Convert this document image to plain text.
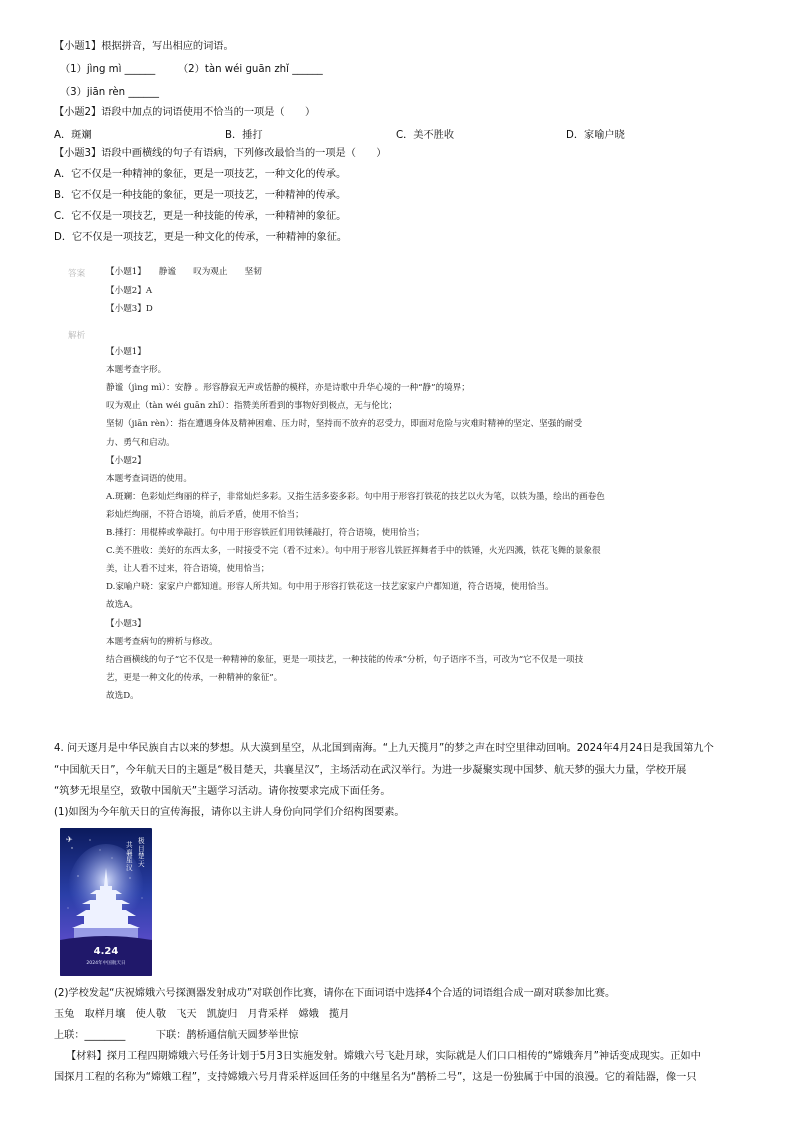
【小题1】根据拼音，写出相应的词语。
（1）jìng mì ______ （2）tàn wéi guān zhǐ ______
（3）jiān rèn ______
【小题2】语段中加点的词语使用不恰当的一项是（　　）
A．斑斓	B．捶打	C．美不胜收	D．家喻户晓
【小题3】语段中画横线的句子有语病，下列修改最恰当的一项是（　　）
A．它不仅是一种精神的象征，更是一项技艺，一种文化的传承。
B．它不仅是一种技能的象征，更是一项技艺，一种精神的传承。
C．它不仅是一项技艺，更是一种技能的传承，一种精神的象征。
D．它不仅是一项技艺，更是一种文化的传承，一种精神的象征。
答案 【小题1】　　静谧　　叹为观止　　坚韧
【小题2】A
【小题3】D
解析
【小题1】
本题考查字形。
静谧（jìng mì）：安静 。形容静寂无声或恬静的模样，亦是诗歌中升华心境的一种“静”的境界；
叹为观止（tàn wéi guān zhǐ）：指赞美所看到的事物好到极点，无与伦比；
坚韧（jiān rèn）：指在遭遇身体及精神困难、压力时，坚持而不放弃的忍受力，即面对危险与灾难时精神的坚定、坚强的耐受
力、勇气和启动。
【小题2】
本题考查词语的使用。
A.斑斓：色彩灿烂绚丽的样子，非常灿烂多彩。又指生活多姿多彩。句中用于形容打铁花的技艺以火为笔，以铁为墨，绘出的画卷色
彩灿烂绚丽，不符合语境，前后矛盾，使用不恰当；
B.捶打：用棍棒或拳敲打。句中用于形容铁匠们用铁锤敲打，符合语境，使用恰当；
C.美不胜收：美好的东西太多，一时接受不完（看不过来）。句中用于形容儿铁匠挥舞者手中的铁锤，火光四溅，铁花飞舞的景象很
美，让人看不过来，符合语境，使用恰当；
D.家喻户晓：家家户户都知道。形容人所共知。句中用于形容打铁花这一技艺家家户户都知道，符合语境，使用恰当。
故选A。
【小题3】
本题考查病句的辨析与修改。
结合画横线的句子“它不仅是一种精神的象征，更是一项技艺，一种技能的传承”分析，句子语序不当，可改为“它不仅是一项技
艺，更是一种文化的传承，一种精神的象征”。
故选D。
4. 问天逐月是中华民族自古以来的梦想。从大漠到星空，从北国到南海。“上九天揽月”的梦之声在时空里律动回响。2024年4月24日是我国第九个
“中国航天日”，今年航天日的主题是“极目楚天，共襄星汉”，主场活动在武汉举行。为进一步凝聚实现中国梦、航天梦的强大力量，学校开展
“筑梦无垠星空，致敬中国航天”主题学习活动。请你按要求完成下面任务。
(1)如图为今年航天日的宣传海报，请你以主讲人身份向同学们介绍构图要素。
✈	极目楚天
共襄星汉
4.24
2024年中国航天日
(2)学校发起“庆祝嫦娥六号探测器发射成功”对联创作比赛，请你在下面词语中选择4个合适的词语组合成一副对联参加比赛。
玉兔　取样月壤　使人敬　飞天　凯旋归　月背采样　嫦娥　揽月
上联：________　　　下联：鹊桥通信航天圆梦举世惊
【材料】探月工程四期嫦娥六号任务计划于5月3日实施发射。嫦娥六号飞赴月球，实际就是人们口口相传的“嫦娥奔月”神话变成现实。正如中
国探月工程的名称为“嫦娥工程”，支持嫦娥六号月背采样返回任务的中继星名为“鹊桥二号”，这是一份独属于中国的浪漫。它的着陆器，像一只
